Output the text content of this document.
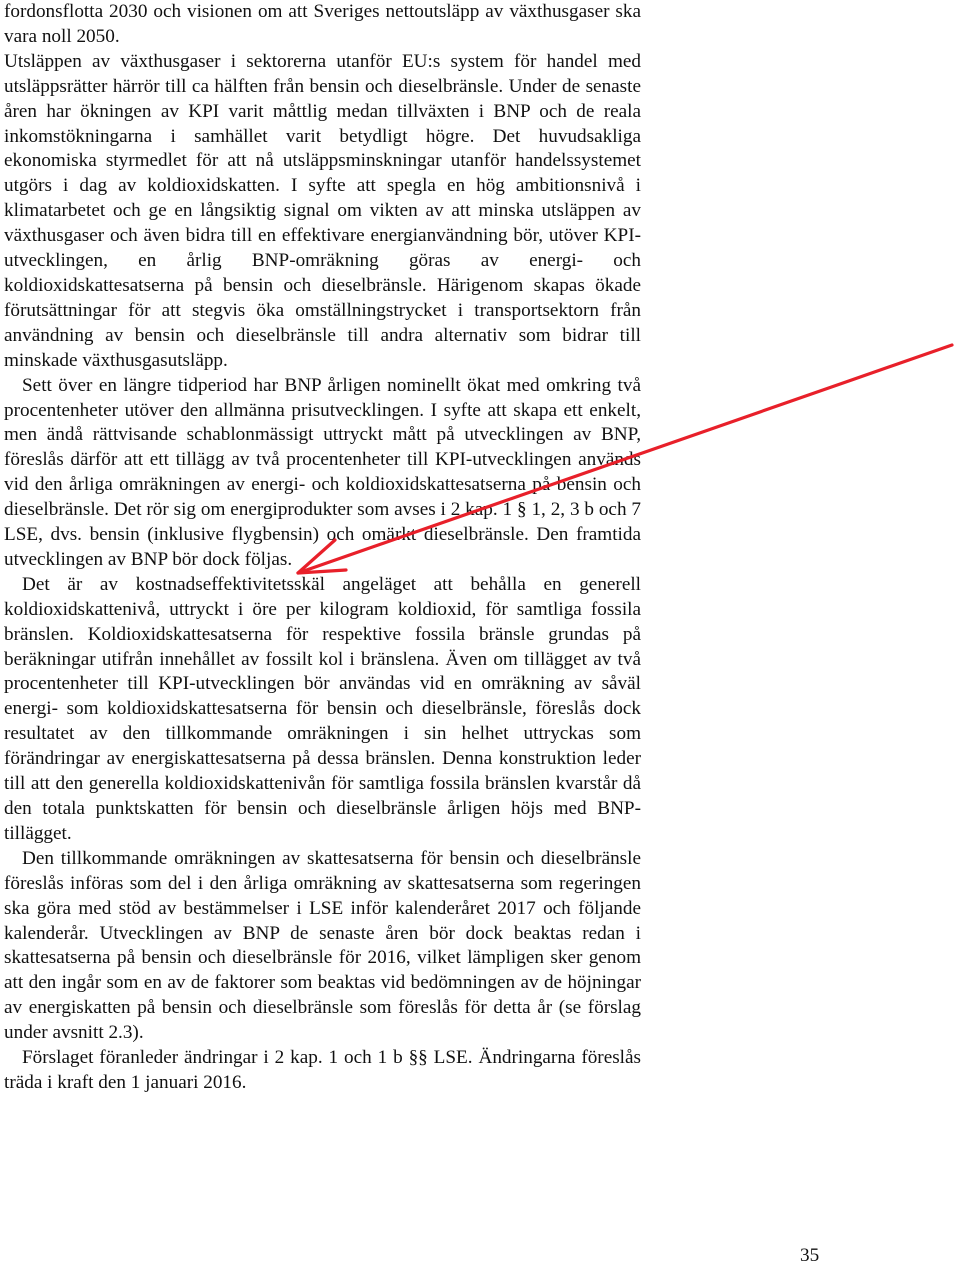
fordonsflotta 2030 och visionen om att Sveriges nettoutsläpp av växthusgaser ska vara noll 2050.

Utsläppen av växthusgaser i sektorerna utanför EU:s system för handel med utsläppsrätter härrör till ca hälften från bensin och dieselbränsle. Under de senaste åren har ökningen av KPI varit måttlig medan tillväxten i BNP och de reala inkomstökningarna i samhället varit betydligt högre. Det huvudsakliga ekonomiska styrmedlet för att nå utsläppsminskningar utanför handelssystemet utgörs i dag av koldioxidskatten. I syfte att spegla en hög ambitionsnivå i klimatarbetet och ge en långsiktig signal om vikten av att minska utsläppen av växthusgaser och även bidra till en effektivare energianvändning bör, utöver KPI-utvecklingen, en årlig BNP-omräkning göras av energi- och koldioxidskattesatserna på bensin och dieselbränsle. Härigenom skapas ökade förutsättningar för att stegvis öka omställningstrycket i transportsektorn från användning av bensin och dieselbränsle till andra alternativ som bidrar till minskade växthusgasutsläpp.

Sett över en längre tidperiod har BNP årligen nominellt ökat med omkring två procentenheter utöver den allmänna prisutvecklingen. I syfte att skapa ett enkelt, men ändå rättvisande schablonmässigt uttryckt mått på utvecklingen av BNP, föreslås därför att ett tillägg av två procentenheter till KPI-utvecklingen används vid den årliga omräkningen av energi- och koldioxidskattesatserna på bensin och dieselbränsle. Det rör sig om energiprodukter som avses i 2 kap. 1 § 1, 2, 3 b och 7 LSE, dvs. bensin (inklusive flygbensin) och omärkt dieselbränsle. Den framtida utvecklingen av BNP bör dock följas.

Det är av kostnadseffektivitetsskäl angeläget att behålla en generell koldioxidskattenivå, uttryckt i öre per kilogram koldioxid, för samtliga fossila bränslen. Koldioxidskattesatserna för respektive fossila bränsle grundas på beräkningar utifrån innehållet av fossilt kol i bränslena. Även om tillägget av två procentenheter till KPI-utvecklingen bör användas vid en omräkning av såväl energi- som koldioxidskattesatserna för bensin och dieselbränsle, föreslås dock resultatet av den tillkommande omräkningen i sin helhet uttryckas som förändringar av energiskattesatserna på dessa bränslen. Denna konstruktion leder till att den generella koldioxidskattenivån för samtliga fossila bränslen kvarstår då den totala punktskatten för bensin och dieselbränsle årligen höjs med BNP-tillägget.

Den tillkommande omräkningen av skattesatserna för bensin och dieselbränsle föreslås införas som del i den årliga omräkning av skattesatserna som regeringen ska göra med stöd av bestämmelser i LSE inför kalenderåret 2017 och följande kalenderår. Utvecklingen av BNP de senaste åren bör dock beaktas redan i skattesatserna på bensin och dieselbränsle för 2016, vilket lämpligen sker genom att den ingår som en av de faktorer som beaktas vid bedömningen av de höjningar av energiskatten på bensin och dieselbränsle som föreslås för detta år (se förslag under avsnitt 2.3).

Förslaget föranleder ändringar i 2 kap. 1 och 1 b §§ LSE. Ändringarna föreslås träda i kraft den 1 januari 2016.

35
